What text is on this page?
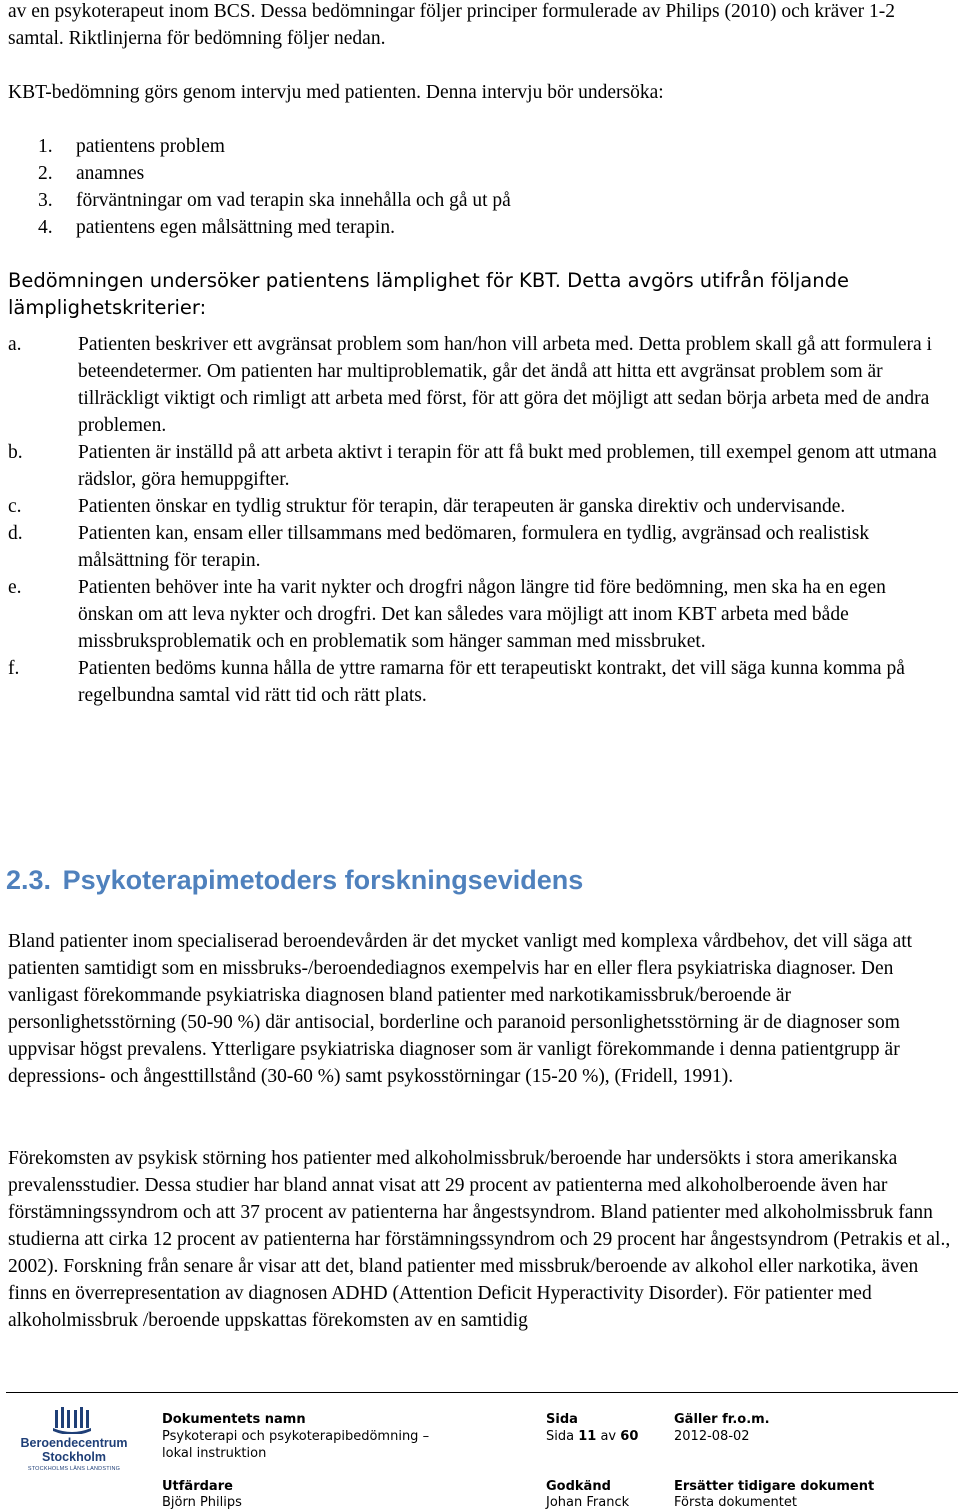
av en psykoterapeut inom BCS. Dessa bedömningar följer principer formulerade av Philips (2010) och kräver 1-2 samtal. Riktlinjerna för bedömning följer nedan.

KBT-bedömning görs genom intervju med patienten. Denna intervju bör undersöka:

1.	patientens problem
2.	anamnes
3.	förväntningar om vad terapin ska innehålla och gå ut på
4.	patientens egen målsättning med terapin.

Bedömningen undersöker patientens lämplighet för KBT. Detta avgörs utifrån följande lämplighetskriterier:

a.	Patienten beskriver ett avgränsat problem som han/hon vill arbeta med. Detta problem skall gå att formulera i beteendetermer. Om patienten har multiproblematik, går det ändå att hitta ett avgränsat problem som är tillräckligt viktigt och rimligt att arbeta med först, för att göra det möjligt att sedan börja arbeta med de andra problemen.
b.	Patienten är inställd på att arbeta aktivt i terapin för att få bukt med problemen, till exempel genom att utmana rädslor, göra hemuppgifter.
c.	Patienten önskar en tydlig struktur för terapin, där terapeuten är ganska direktiv och undervisande.
d.	Patienten kan, ensam eller tillsammans med bedömaren, formulera en tydlig, avgränsad och realistisk målsättning för terapin.
e.	Patienten behöver inte ha varit nykter och drogfri någon längre tid före bedömning, men ska ha en egen önskan om att leva nykter och drogfri. Det kan således vara möjligt att inom KBT arbeta med både missbruksproblematik och en problematik som hänger samman med missbruket.
f.	Patienten bedöms kunna hålla de yttre ramarna för ett terapeutiskt kontrakt, det vill säga kunna komma på regelbundna samtal vid rätt tid och rätt plats.
2.3. Psykoterapimetoders forskningsevidens

Bland patienter inom specialiserad beroendevården är det mycket vanligt med komplexa vårdbehov, det vill säga att patienten samtidigt som en missbruks-/beroendediagnos exempelvis har en eller flera psykiatriska diagnoser. Den vanligast förekommande psykiatriska diagnosen bland patienter med narkotikamissbruk/beroende är personlighetsstörning (50-90 %) där antisocial, borderline och paranoid personlighetsstörning är de diagnoser som uppvisar högst prevalens. Ytterligare psykiatriska diagnoser som är vanligt förekommande i denna patientgrupp är depressions- och ångesttillstånd (30-60 %) samt psykosstörningar (15-20 %), (Fridell, 1991).

Förekomsten av psykisk störning hos patienter med alkoholmissbruk/beroende har undersökts i stora amerikanska prevalensstudier. Dessa studier har bland annat visat att 29 procent av patienterna med alkoholberoende även har förstämningssyndrom och att 37 procent av patienterna har ångestsyndrom. Bland patienter med alkoholmissbruk fann studierna att cirka 12 procent av patienterna har förstämningssyndrom och 29 procent har ångestsyndrom (Petrakis et al., 2002). Forskning från senare år visar att det, bland patienter med missbruk/beroende av alkohol eller narkotika, även finns en överrepresentation av diagnosen ADHD (Attention Deficit Hyperactivity Disorder). För patienter med alkoholmissbruk /beroende uppskattas förekomsten av en samtidig

Beroendecentrum
Stockholm
STOCKHOLMS LÄNS LANDSTING
Dokumentets namn
Psykoterapi och psykoterapibedömning –
lokal instruktion
Sida
Sida 11 av 60
Gäller fr.o.m.
2012-08-02
Utfärdare
Björn Philips
Godkänd
Johan Franck
Ersätter tidigare dokument
Första dokumentet
